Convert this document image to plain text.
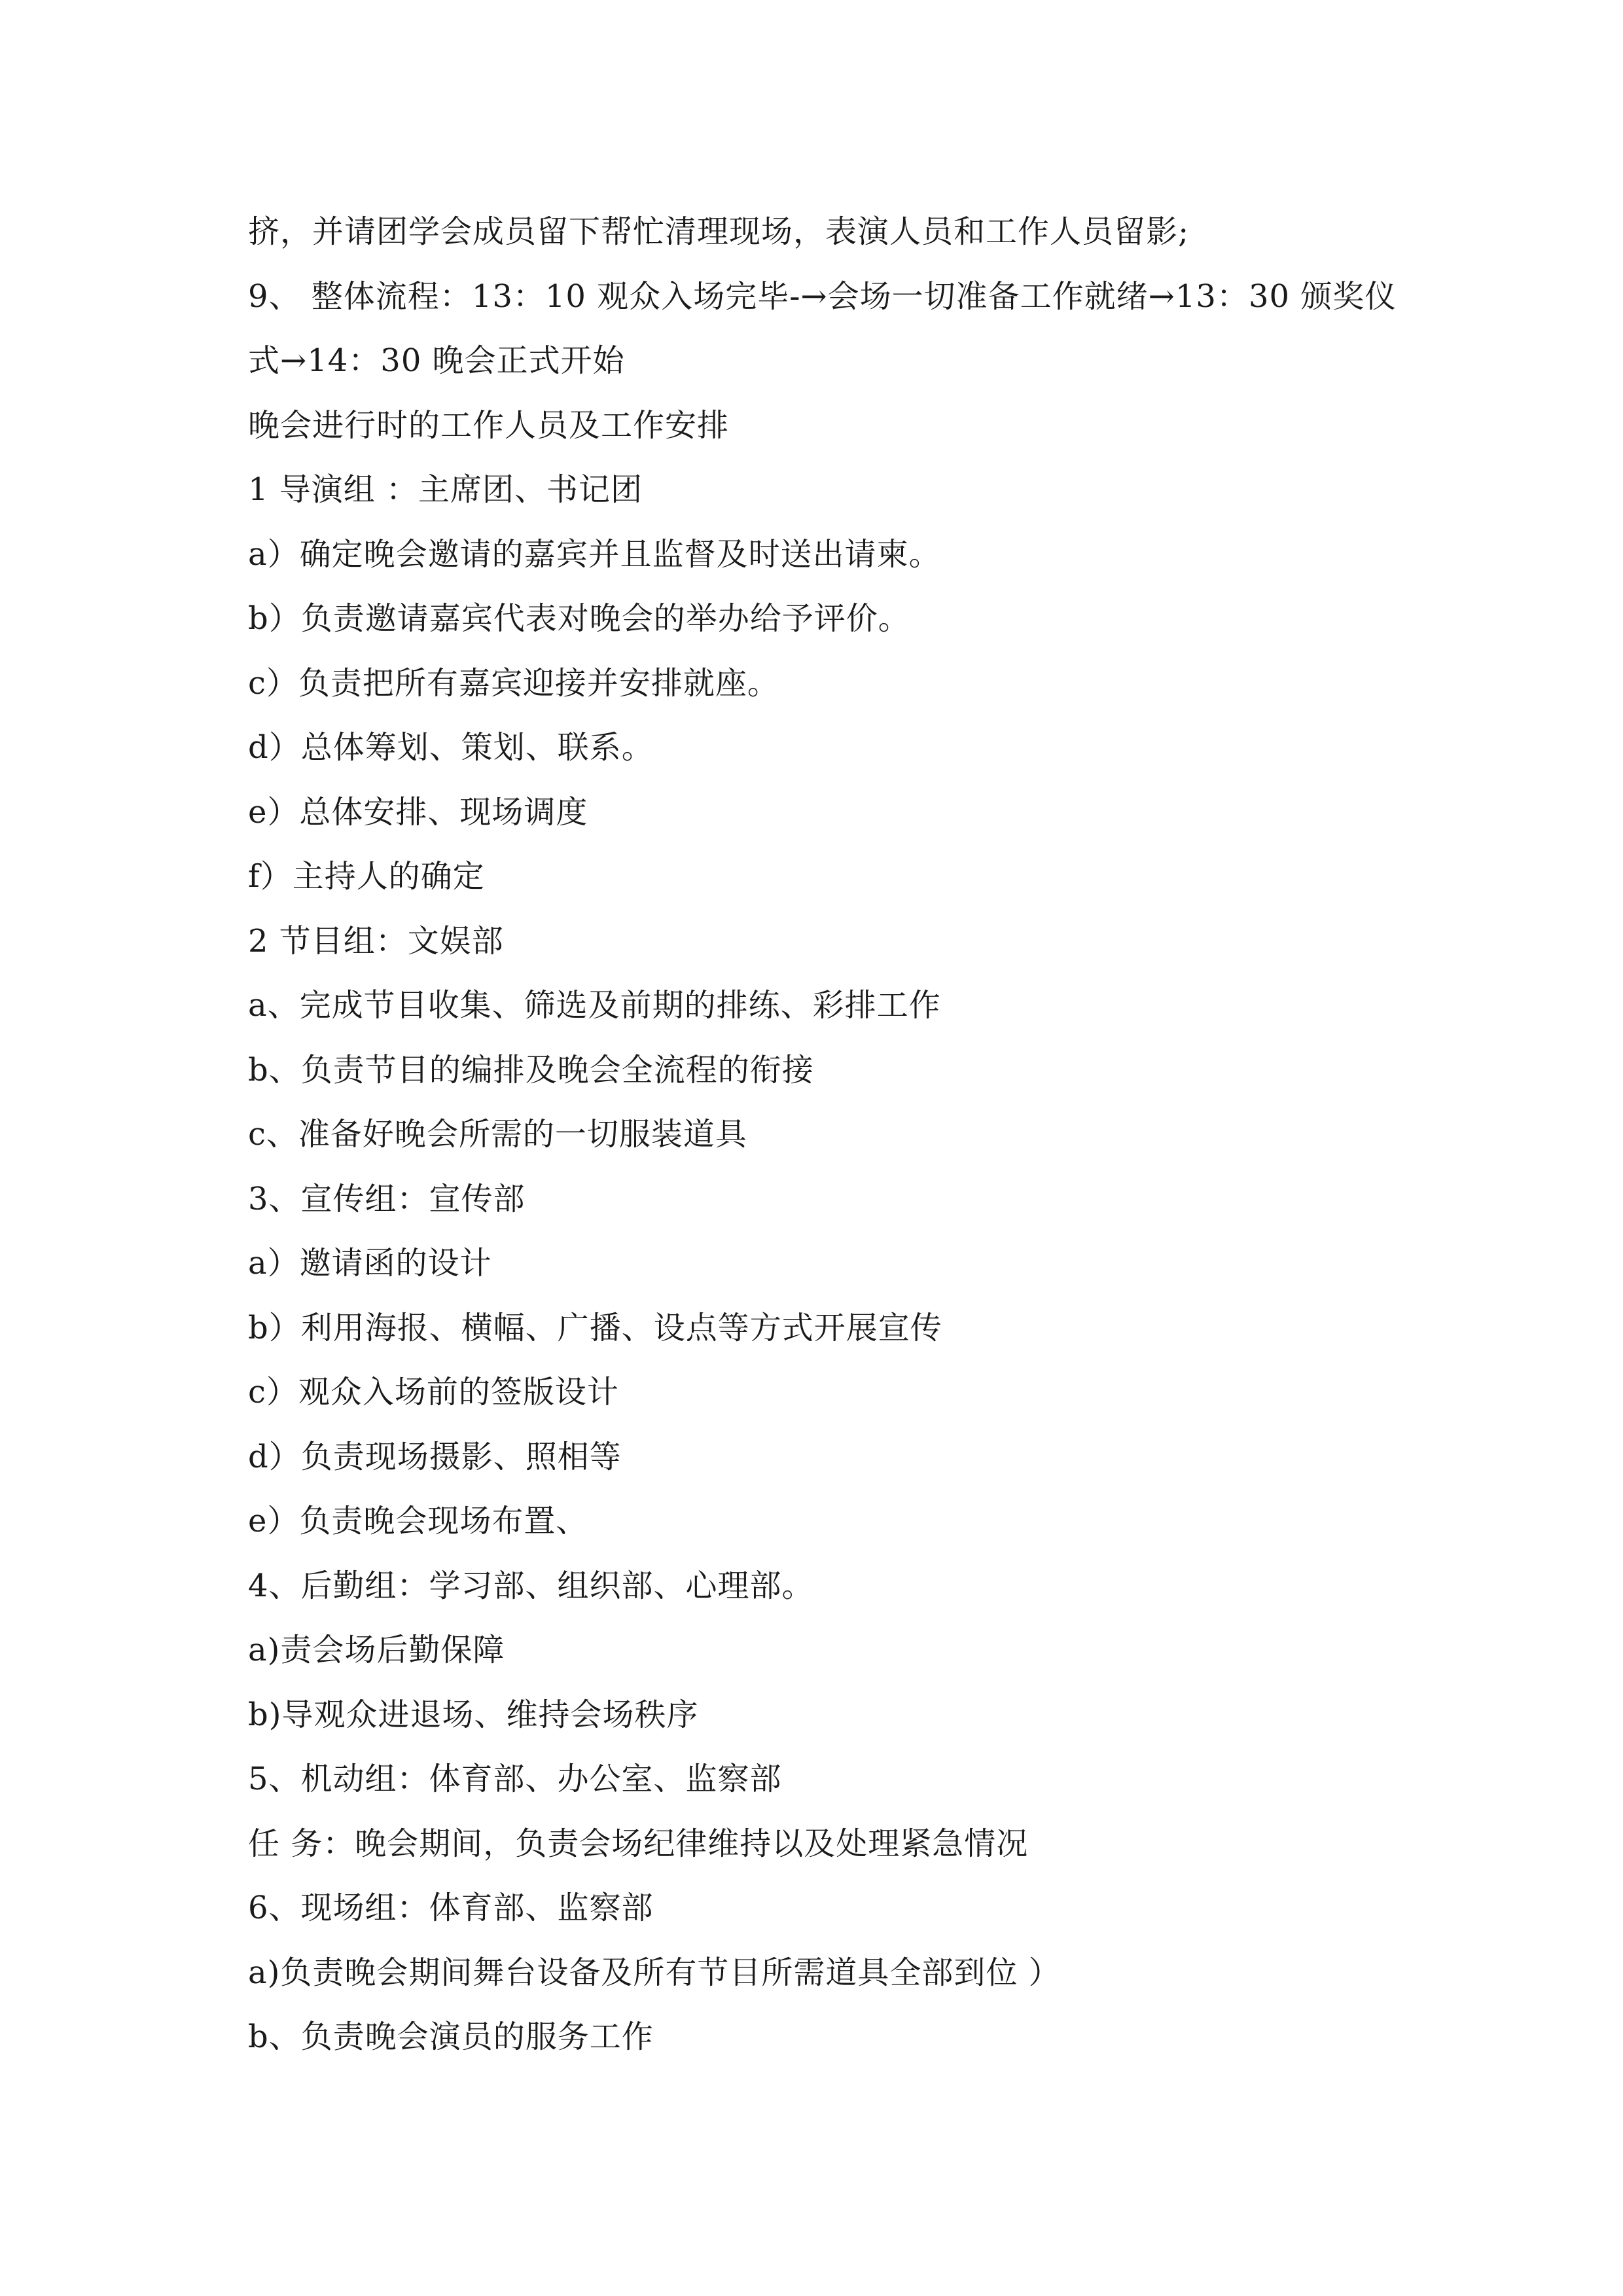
挤，并请团学会成员留下帮忙清理现场，表演人员和工作人员留影;
9、 整体流程：13：10 观众入场完毕-→会场一切准备工作就绪→13：30 颁奖仪
式→14：30 晚会正式开始
晚会进行时的工作人员及工作安排
1 导演组 ：主席团、书记团
a）确定晚会邀请的嘉宾并且监督及时送出请柬。
b）负责邀请嘉宾代表对晚会的举办给予评价。
c）负责把所有嘉宾迎接并安排就座。
d）总体筹划、策划、联系。
e）总体安排、现场调度
f）主持人的确定
2 节目组：文娱部
a、完成节目收集、筛选及前期的排练、彩排工作
b、负责节目的编排及晚会全流程的衔接
c、准备好晚会所需的一切服装道具
3、宣传组：宣传部
a）邀请函的设计
b）利用海报、横幅、广播、设点等方式开展宣传
c）观众入场前的签版设计
d）负责现场摄影、照相等
e）负责晚会现场布置、
4、后勤组：学习部、组织部、心理部。
a)责会场后勤保障
b)导观众进退场、维持会场秩序
5、机动组：体育部、办公室、监察部
任 务：晚会期间，负责会场纪律维持以及处理紧急情况
6、现场组：体育部、监察部
a)负责晚会期间舞台设备及所有节目所需道具全部到位 ）
b、负责晚会演员的服务工作
